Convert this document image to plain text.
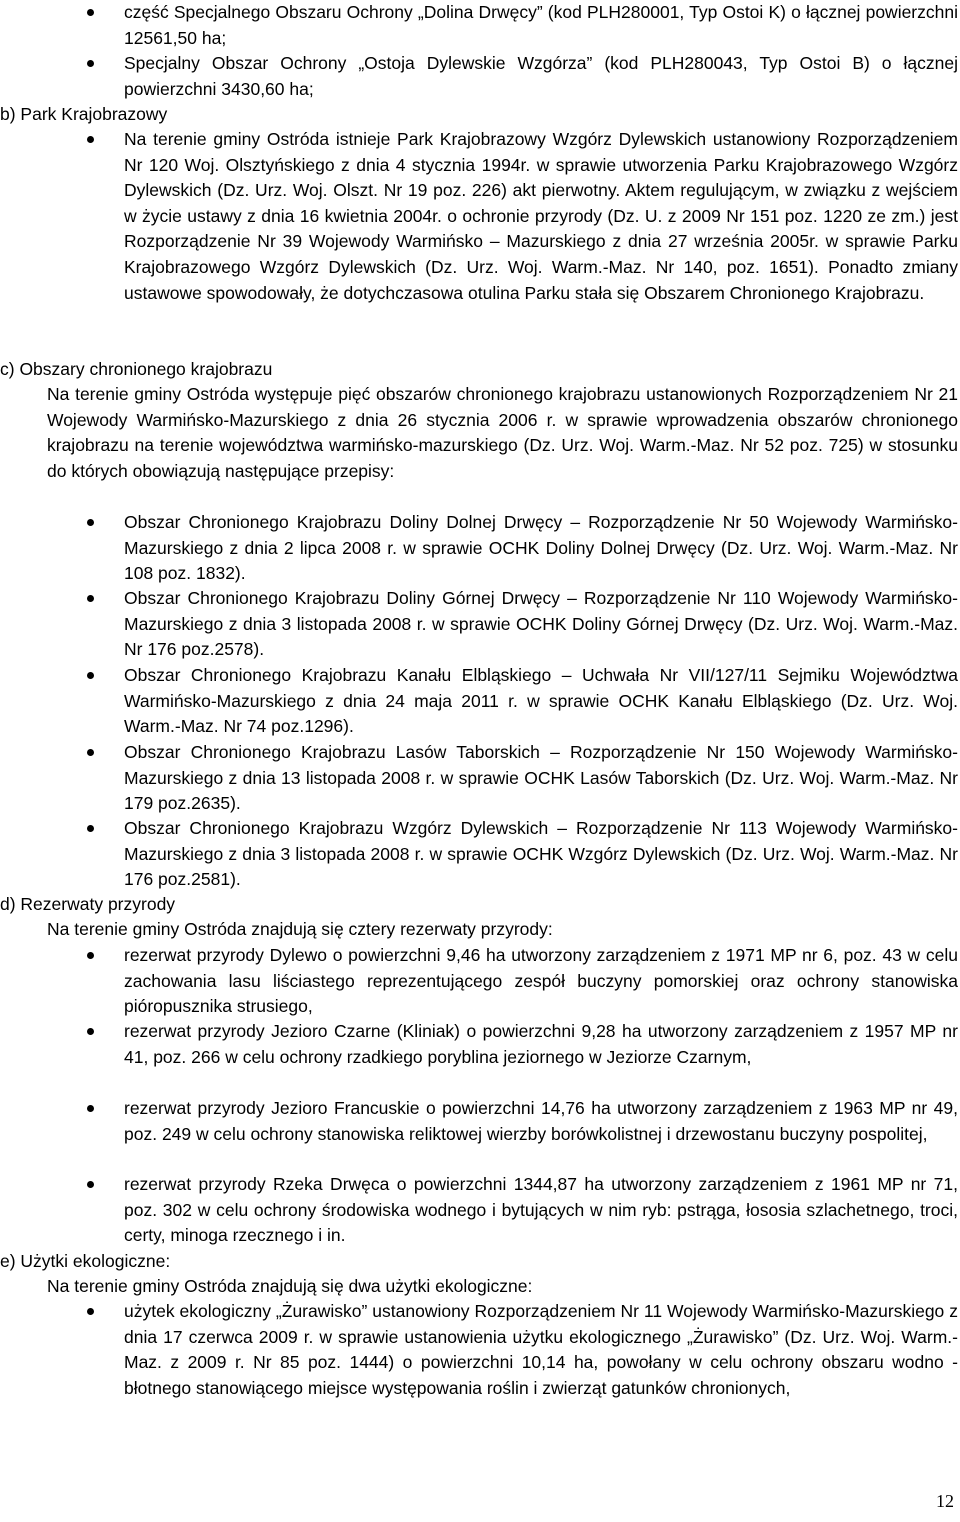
część Specjalnego Obszaru Ochrony „Dolina Drwęcy” (kod PLH280001, Typ Ostoi K) o łącznej powierzchni 12561,50 ha;

Specjalny Obszar Ochrony „Ostoja Dylewskie Wzgórza” (kod PLH280043, Typ Ostoi B) o łącznej powierzchni 3430,60 ha;

b) Park Krajobrazowy

Na terenie gminy Ostróda istnieje Park Krajobrazowy Wzgórz Dylewskich ustanowiony Rozporządzeniem Nr 120 Woj. Olsztyńskiego z dnia 4 stycznia 1994r. w sprawie utworzenia Parku Krajobrazowego Wzgórz Dylewskich (Dz. Urz. Woj. Olszt. Nr 19 poz. 226) akt pierwotny. Aktem regulującym, w związku z wejściem w życie ustawy z dnia 16 kwietnia 2004r. o ochronie przyrody (Dz. U. z 2009 Nr 151 poz. 1220 ze zm.) jest Rozporządzenie Nr 39 Wojewody Warmińsko – Mazurskiego z dnia 27 września 2005r. w sprawie Parku Krajobrazowego Wzgórz Dylewskich (Dz. Urz. Woj. Warm.-Maz. Nr 140, poz. 1651). Ponadto zmiany ustawowe spowodowały, że dotychczasowa otulina Parku stała się Obszarem Chronionego Krajobrazu.

c) Obszary chronionego krajobrazu

Na terenie gminy Ostróda występuje pięć obszarów chronionego krajobrazu ustanowionych Rozporządzeniem Nr 21 Wojewody Warmińsko-Mazurskiego z dnia 26 stycznia 2006 r. w sprawie wprowadzenia obszarów chronionego krajobrazu na terenie województwa warmińsko-mazurskiego (Dz. Urz. Woj. Warm.-Maz. Nr 52 poz. 725) w stosunku do których obowiązują następujące przepisy:

Obszar Chronionego Krajobrazu Doliny Dolnej Drwęcy – Rozporządzenie Nr 50 Wojewody Warmińsko-Mazurskiego z dnia 2 lipca 2008 r. w sprawie OCHK Doliny Dolnej Drwęcy (Dz. Urz. Woj. Warm.-Maz. Nr 108 poz. 1832).

Obszar Chronionego Krajobrazu Doliny Górnej Drwęcy – Rozporządzenie Nr 110 Wojewody Warmińsko-Mazurskiego z dnia 3 listopada 2008 r. w sprawie OCHK Doliny Górnej Drwęcy (Dz. Urz. Woj. Warm.-Maz. Nr 176 poz.2578).

Obszar Chronionego Krajobrazu Kanału Elbląskiego – Uchwała Nr VII/127/11 Sejmiku Województwa Warmińsko-Mazurskiego z dnia 24 maja 2011 r. w sprawie OCHK Kanału Elbląskiego (Dz. Urz. Woj. Warm.-Maz. Nr 74 poz.1296).

Obszar Chronionego Krajobrazu Lasów Taborskich – Rozporządzenie Nr 150 Wojewody Warmińsko-Mazurskiego z dnia 13 listopada 2008 r. w sprawie OCHK Lasów Taborskich (Dz. Urz. Woj. Warm.-Maz. Nr 179 poz.2635).

Obszar Chronionego Krajobrazu Wzgórz Dylewskich – Rozporządzenie Nr 113 Wojewody Warmińsko-Mazurskiego z dnia 3 listopada 2008 r. w sprawie OCHK Wzgórz Dylewskich (Dz. Urz. Woj. Warm.-Maz. Nr 176 poz.2581).

d) Rezerwaty przyrody

Na terenie gminy Ostróda znajdują się cztery rezerwaty przyrody:

rezerwat przyrody Dylewo o powierzchni 9,46 ha utworzony zarządzeniem z 1971 MP nr 6, poz. 43 w celu zachowania lasu liściastego reprezentującego zespół buczyny pomorskiej oraz ochrony stanowiska pióropusznika strusiego,

rezerwat przyrody Jezioro Czarne (Kliniak) o powierzchni 9,28 ha utworzony zarządzeniem z 1957 MP nr 41, poz. 266 w celu ochrony rzadkiego poryblina jeziornego w Jeziorze Czarnym,

rezerwat przyrody Jezioro Francuskie o powierzchni 14,76 ha utworzony zarządzeniem z 1963 MP nr 49, poz. 249 w celu ochrony stanowiska reliktowej wierzby borówkolistnej i drzewostanu buczyny pospolitej,

rezerwat przyrody Rzeka Drwęca o powierzchni 1344,87 ha utworzony zarządzeniem z 1961 MP nr 71, poz. 302 w celu ochrony środowiska wodnego i bytujących w nim ryb: pstrąga, łososia szlachetnego, troci, certy, minoga rzecznego i in.

e) Użytki ekologiczne:

Na terenie gminy Ostróda znajdują się dwa użytki ekologiczne:

użytek ekologiczny „Żurawisko” ustanowiony Rozporządzeniem Nr 11 Wojewody Warmińsko-Mazurskiego z dnia 17 czerwca 2009 r. w sprawie ustanowienia użytku ekologicznego „Żurawisko” (Dz. Urz. Woj. Warm.-Maz. z 2009 r. Nr 85 poz. 1444) o powierzchni 10,14 ha, powołany w celu ochrony obszaru wodno - błotnego stanowiącego miejsce występowania roślin i zwierząt gatunków chronionych,

12
